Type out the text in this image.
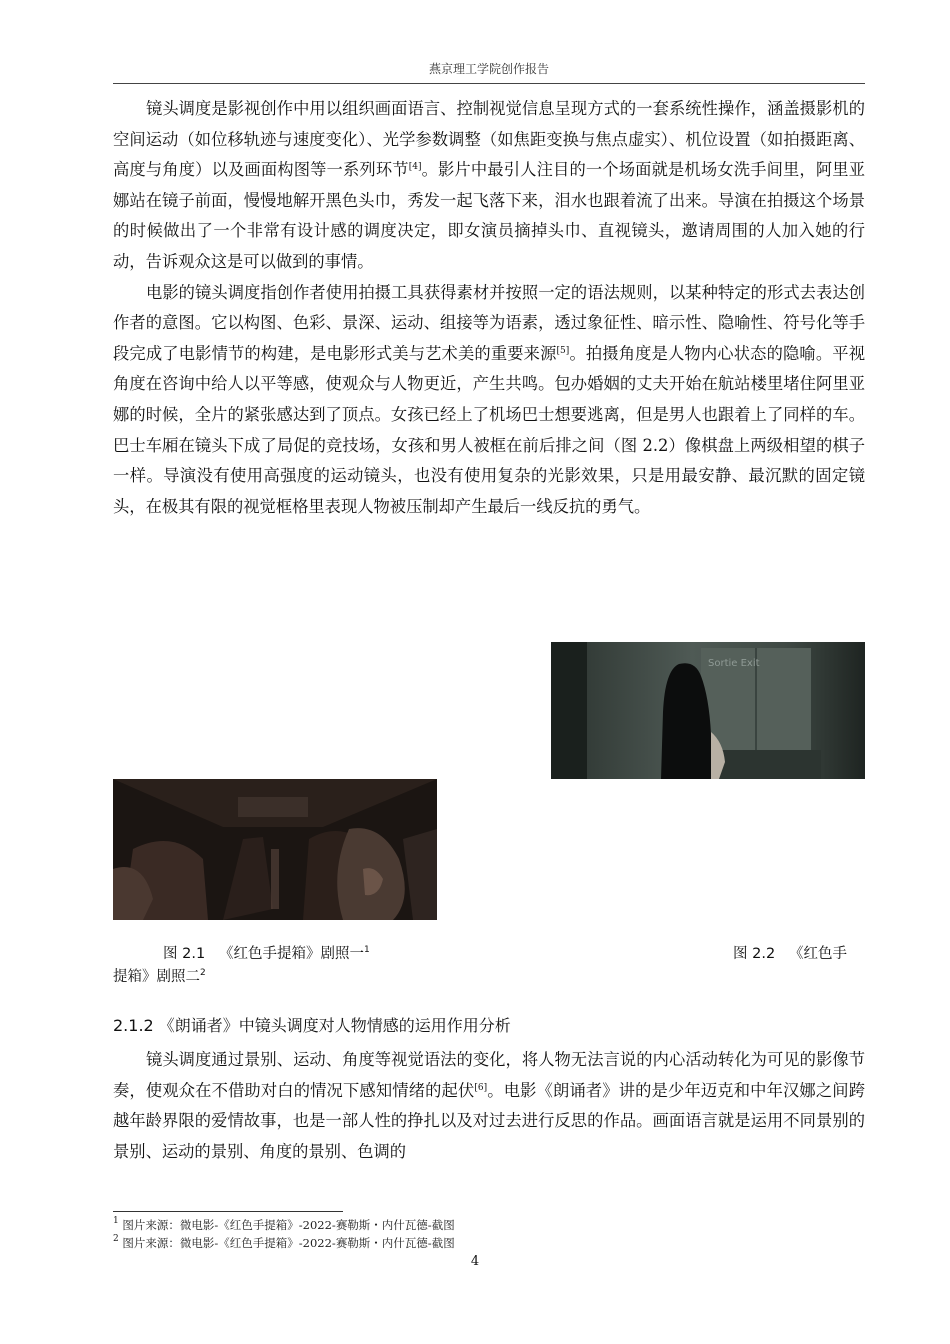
燕京理工学院创作报告

镜头调度是影视创作中用以组织画面语言、控制视觉信息呈现方式的一套系统性操作，涵盖摄影机的空间运动（如位移轨迹与速度变化）、光学参数调整（如焦距变换与焦点虚实）、机位设置（如拍摄距离、高度与角度）以及画面构图等一系列环节[4]。影片中最引人注目的一个场面就是机场女洗手间里，阿里亚娜站在镜子前面，慢慢地解开黑色头巾，秀发一起飞落下来，泪水也跟着流了出来。导演在拍摄这个场景的时候做出了一个非常有设计感的调度决定，即女演员摘掉头巾、直视镜头，邀请周围的人加入她的行动，告诉观众这是可以做到的事情。

电影的镜头调度指创作者使用拍摄工具获得素材并按照一定的语法规则，以某种特定的形式去表达创作者的意图。它以构图、色彩、景深、运动、组接等为语素，透过象征性、暗示性、隐喻性、符号化等手段完成了电影情节的构建，是电影形式美与艺术美的重要来源[5]。拍摄角度是人物内心状态的隐喻。平视角度在咨询中给人以平等感，使观众与人物更近，产生共鸣。包办婚姻的丈夫开始在航站楼里堵住阿里亚娜的时候，全片的紧张感达到了顶点。女孩已经上了机场巴士想要逃离，但是男人也跟着上了同样的车。巴士车厢在镜头下成了局促的竞技场，女孩和男人被框在前后排之间（图 2.2）像棋盘上两级相望的棋子一样。导演没有使用高强度的运动镜头，也没有使用复杂的光影效果，只是用最安静、最沉默的固定镜头，在极其有限的视觉框格里表现人物被压制却产生最后一线反抗的勇气。

Sortie Exit
图 2.1 《红色手提箱》剧照一$^1$	图 2.2 《红色手
提箱》剧照二$^2$
2.1.2 《朗诵者》中镜头调度对人物情感的运用作用分析

镜头调度通过景别、运动、角度等视觉语法的变化，将人物无法言说的内心活动转化为可见的影像节奏，使观众在不借助对白的情况下感知情绪的起伏[6]。电影《朗诵者》讲的是少年迈克和中年汉娜之间跨越年龄界限的爱情故事，也是一部人性的挣扎以及对过去进行反思的作品。画面语言就是运用不同景别的景别、运动的景别、角度的景别、色调的

$^1$ 图片来源：微电影-《红色手提箱》-2022-赛勒斯・内什瓦德-截图
$^2$ 图片来源：微电影-《红色手提箱》-2022-赛勒斯・内什瓦德-截图
4
